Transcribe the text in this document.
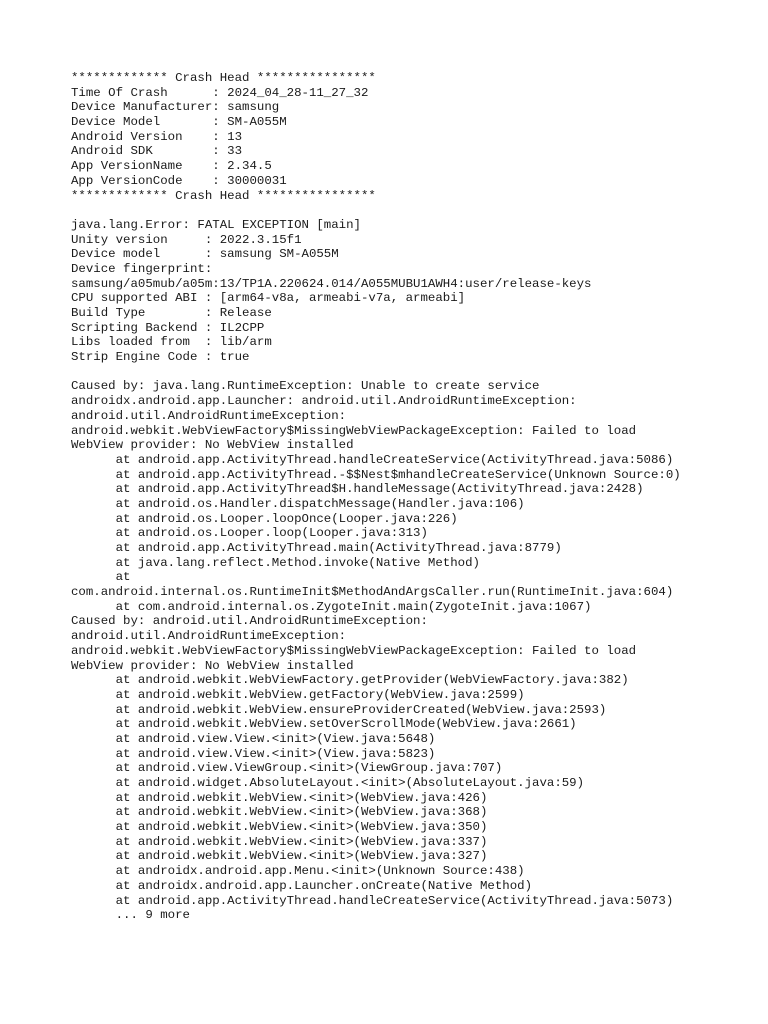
************* Crash Head ****************
Time Of Crash      : 2024_04_28-11_27_32
Device Manufacturer: samsung
Device Model       : SM-A055M
Android Version    : 13
Android SDK        : 33
App VersionName    : 2.34.5
App VersionCode    : 30000031
************* Crash Head ****************
java.lang.Error: FATAL EXCEPTION [main]
Unity version     : 2022.3.15f1
Device model      : samsung SM-A055M
Device fingerprint:
samsung/a05mub/a05m:13/TP1A.220624.014/A055MUBU1AWH4:user/release-keys
CPU supported ABI : [arm64-v8a, armeabi-v7a, armeabi]
Build Type        : Release
Scripting Backend : IL2CPP
Libs loaded from  : lib/arm
Strip Engine Code : true
Caused by: java.lang.RuntimeException: Unable to create service
androidx.android.app.Launcher: android.util.AndroidRuntimeException:
android.util.AndroidRuntimeException:
android.webkit.WebViewFactory$MissingWebViewPackageException: Failed to load
WebView provider: No WebView installed
at android.app.ActivityThread.handleCreateService(ActivityThread.java:5086)
at android.app.ActivityThread.-$$Nest$mhandleCreateService(Unknown Source:0)
at android.app.ActivityThread$H.handleMessage(ActivityThread.java:2428)
at android.os.Handler.dispatchMessage(Handler.java:106)
at android.os.Looper.loopOnce(Looper.java:226)
at android.os.Looper.loop(Looper.java:313)
at android.app.ActivityThread.main(ActivityThread.java:8779)
at java.lang.reflect.Method.invoke(Native Method)
at
com.android.internal.os.RuntimeInit$MethodAndArgsCaller.run(RuntimeInit.java:604)
at com.android.internal.os.ZygoteInit.main(ZygoteInit.java:1067)
Caused by: android.util.AndroidRuntimeException:
android.util.AndroidRuntimeException:
android.webkit.WebViewFactory$MissingWebViewPackageException: Failed to load
WebView provider: No WebView installed
at android.webkit.WebViewFactory.getProvider(WebViewFactory.java:382)
at android.webkit.WebView.getFactory(WebView.java:2599)
at android.webkit.WebView.ensureProviderCreated(WebView.java:2593)
at android.webkit.WebView.setOverScrollMode(WebView.java:2661)
at android.view.View.<init>(View.java:5648)
at android.view.View.<init>(View.java:5823)
at android.view.ViewGroup.<init>(ViewGroup.java:707)
at android.widget.AbsoluteLayout.<init>(AbsoluteLayout.java:59)
at android.webkit.WebView.<init>(WebView.java:426)
at android.webkit.WebView.<init>(WebView.java:368)
at android.webkit.WebView.<init>(WebView.java:350)
at android.webkit.WebView.<init>(WebView.java:337)
at android.webkit.WebView.<init>(WebView.java:327)
at androidx.android.app.Menu.<init>(Unknown Source:438)
at androidx.android.app.Launcher.onCreate(Native Method)
at android.app.ActivityThread.handleCreateService(ActivityThread.java:5073)
... 9 more
